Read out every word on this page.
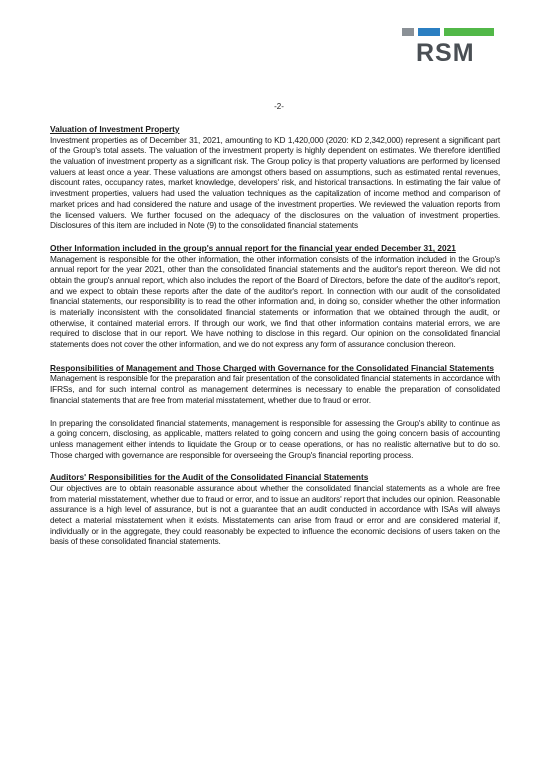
RSM
-2-
Valuation of Investment Property

Investment properties as of December 31, 2021, amounting to KD 1,420,000 (2020: KD 2,342,000) represent a significant part of the Group's total assets. The valuation of the investment property is highly dependent on estimates. We therefore identified the valuation of investment property as a significant risk. The Group policy is that property valuations are performed by licensed valuers at least once a year. These valuations are amongst others based on assumptions, such as estimated rental revenues, discount rates, occupancy rates, market knowledge, developers' risk, and historical transactions. In estimating the fair value of investment properties, valuers had used the valuation techniques as the capitalization of income method and comparison of market prices and had considered the nature and usage of the investment properties. We reviewed the valuation reports from the licensed valuers. We further focused on the adequacy of the disclosures on the valuation of investment properties. Disclosures of this item are included in Note (9) to the consolidated financial statements

Other Information included in the group's annual report for the financial year ended December 31, 2021

Management is responsible for the other information, the other information consists of the information included in the Group's annual report for the year 2021, other than the consolidated financial statements and the auditor's report thereon. We did not obtain the group's annual report, which also includes the report of the Board of Directors, before the date of the auditor's report, and we expect to obtain these reports after the date of the auditor's report. In connection with our audit of the consolidated financial statements, our responsibility is to read the other information and, in doing so, consider whether the other information is materially inconsistent with the consolidated financial statements or information that we obtained through the audit, or otherwise, it contained material errors. If through our work, we find that other information contains material errors, we are required to disclose that in our report. We have nothing to disclose in this regard. Our opinion on the consolidated financial statements does not cover the other information, and we do not express any form of assurance conclusion thereon.

Responsibilities of Management and Those Charged with Governance for the Consolidated Financial Statements

Management is responsible for the preparation and fair presentation of the consolidated financial statements in accordance with IFRSs, and for such internal control as management determines is necessary to enable the preparation of consolidated financial statements that are free from material misstatement, whether due to fraud or error.

In preparing the consolidated financial statements, management is responsible for assessing the Group's ability to continue as a going concern, disclosing, as applicable, matters related to going concern and using the going concern basis of accounting unless management either intends to liquidate the Group or to cease operations, or has no realistic alternative but to do so. Those charged with governance are responsible for overseeing the Group's financial reporting process.

Auditors' Responsibilities for the Audit of the Consolidated Financial Statements

Our objectives are to obtain reasonable assurance about whether the consolidated financial statements as a whole are free from material misstatement, whether due to fraud or error, and to issue an auditors' report that includes our opinion. Reasonable assurance is a high level of assurance, but is not a guarantee that an audit conducted in accordance with ISAs will always detect a material misstatement when it exists. Misstatements can arise from fraud or error and are considered material if, individually or in the aggregate, they could reasonably be expected to influence the economic decisions of users taken on the basis of these consolidated financial statements.
